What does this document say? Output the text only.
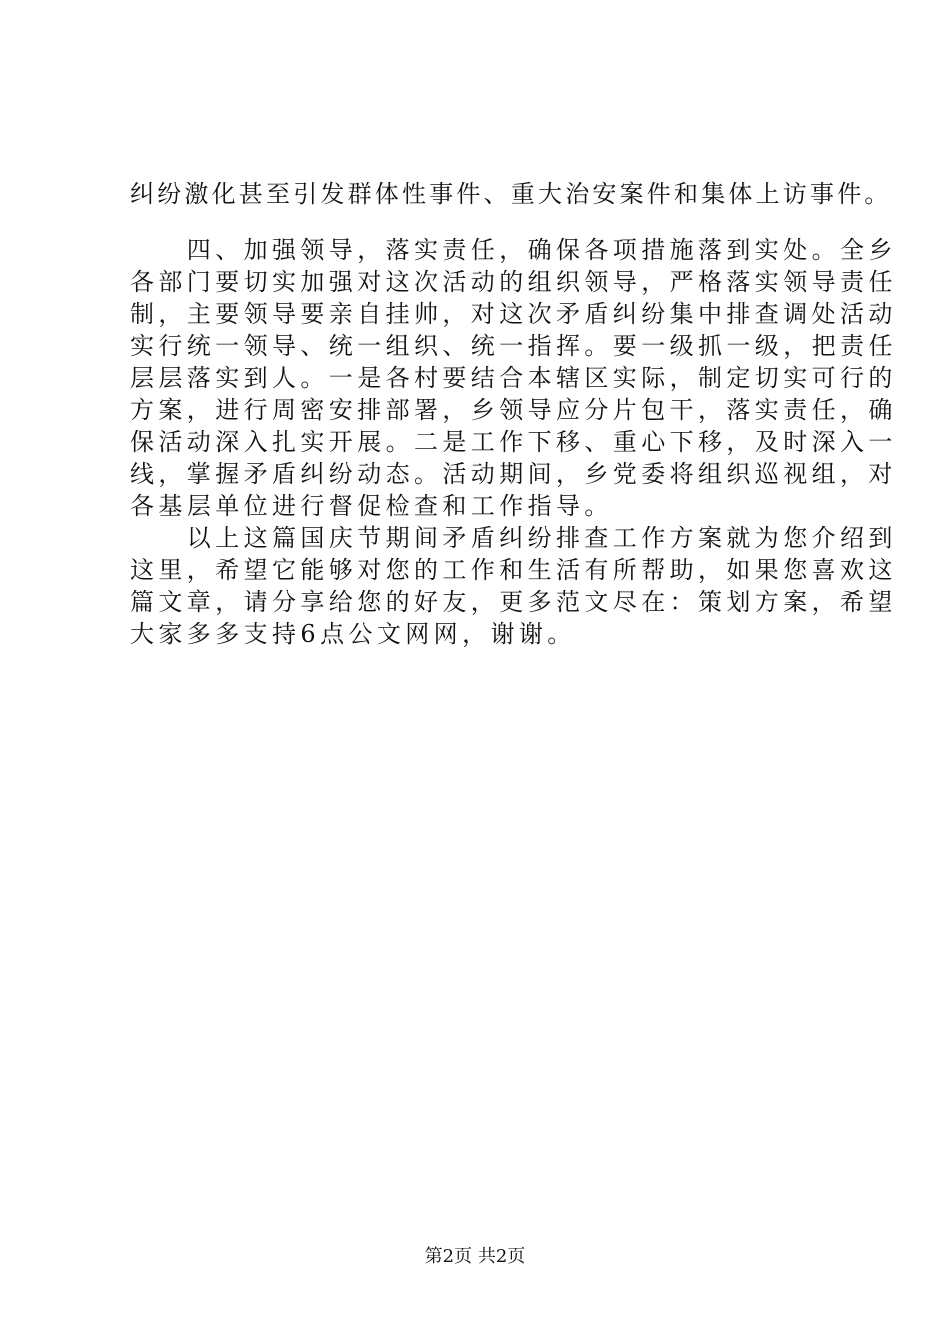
纠纷激化甚至引发群体性事件、重大治安案件和集体上访事件。
　　四、加强领导，落实责任，确保各项措施落到实处。全乡
各部门要切实加强对这次活动的组织领导，严格落实领导责任
制，主要领导要亲自挂帅，对这次矛盾纠纷集中排查调处活动
实行统一领导、统一组织、统一指挥。要一级抓一级，把责任
层层落实到人。一是各村要结合本辖区实际，制定切实可行的
方案，进行周密安排部署，乡领导应分片包干，落实责任，确
保活动深入扎实开展。二是工作下移、重心下移，及时深入一
线，掌握矛盾纠纷动态。活动期间，乡党委将组织巡视组，对
各基层单位进行督促检查和工作指导。
　　以上这篇国庆节期间矛盾纠纷排查工作方案就为您介绍到
这里，希望它能够对您的工作和生活有所帮助，如果您喜欢这
篇文章，请分享给您的好友，更多范文尽在：策划方案，希望
大家多多支持6点公文网网，谢谢。
第2页 共2页
